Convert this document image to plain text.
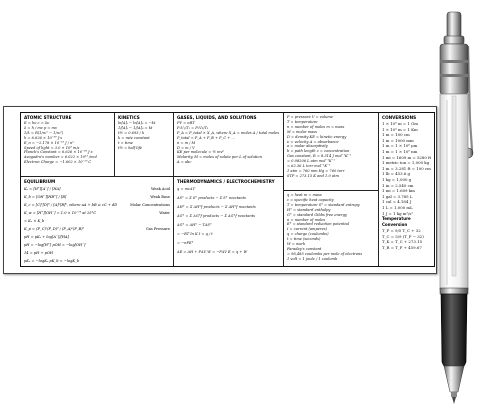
ATOMIC STRUCTURE
E = hν c = λν
λ = h / mv p = mv
1/λ = R(1/n₁² − 1/n₂²)
h = 6.626 × 10⁻³⁴ J·s
E_n = −2.178 × 10⁻¹⁸ J / n²
Speed of light = 3.0 × 10⁸ m/s
Planck's Constant = 6.626 × 10⁻³⁴ J·s
Avogadro's number = 6.022 × 10²³ /mol
Electron Charge = −1.602 × 10⁻¹⁹ C
KINETICS
ln[A]ₜ − ln[A]₀ = −kt
1/[A]ₜ − 1/[A]₀ = kt
t½ = 0.693 / k
k = rate constant
t = time
t½ = half life
GASES, LIQUIDS, AND SOLUTIONS
PV = nRT
P₁V₁/T₁ = P₂V₂/T₂
P_A = P_total × X_A, where X_A = moles A / total moles
P_total = P_A + P_B + P_C + ...
n = m / M
D = m / V
KE per molecule = ½ mv²
Molarity, M = moles of solute per L of solution
A = abc
P = pressure V = volume
T = temperature
n = number of moles m = mass
M = molar mass
D = density KE = kinetic energy
ν = velocity A = absorbance
a = molar absorptivity
b = path length c = concentration
Gas constant, R = 8.314 J mol⁻¹K⁻¹
= 0.08206 L atm mol⁻¹K⁻¹
= 62.36 L torr mol⁻¹K⁻¹
1 atm = 760 mm Hg = 760 torr
STP = 273.15 K and 1.0 atm
CONVERSIONS
1 × 10⁶ m = 1 Gm
1 × 10³ m = 1 Km
1 m = 100 cm
1 m = 1000 mm
1 m = 1 × 10⁶ μm
1 m = 1 × 10⁹ nm
1 mi = 1609 m = 5280 ft
1 metric ton = 1,000 kg
1 m = 3.281 ft = 100 cm
1 lb = 453.6 g
1 kg = 1,000 g
1 in = 2.540 cm
1 mi = 1.609 km
1 gal = 3.785 L
1 cal = 4.184 J
1 L = 1,000 mL
1 J = 1 kg m²/s²
Temperature Conversion
T_F = 9/5 T_C + 32
T_C = 5/9 (T_F − 32)
T_K = T_C + 273.15
T_R = T_F + 459.67
EQUILIBRIUM
Kₐ = [H⁺][A⁻] / [HA]	Weak Acid
K_b = [OH⁻][HB⁺] / [B]	Weak Base
K_c = [C]ᶜ[D]ᵈ / [A]ᵃ[B]ᵇ, where aA + bB ⇌ cC + dD	Molar Concentrations
K_w = [H⁺][OH⁻] = 1.0 × 10⁻¹⁴ at 25°C	Water
= Kₐ × K_b
K_p = (P_C)ᶜ(P_D)ᵈ / (P_A)ᵃ(P_B)ᵇ	Gas Pressure
pH = pKₐ + log[A⁻]/[HA]
pH = −log[H⁺] pOH = −log[OH⁻]
14 = pH + pOH
pKₐ = −logKₐ pK_b = −logK_b
THERMODYNAMICS / ELECTROCHEMISTRY
q = mcΔT
ΔS° = Σ S° products − Σ S° reactants
ΔH° = Σ ΔH°f products − Σ ΔH°f reactants
ΔG° = Σ ΔG°f products − Σ ΔG°f reactants
ΔG° = ΔH° − TΔS°
= −RT ln K I = q / t
= −nFE°
ΔE = ΔH + PΔV W = −PΔV E = q + W
q = heat m = mass
c = specific heat capacity
T = temperature S° = standard entropy
H° = standard enthalpy
G° = standard Gibbs free energy
n = number of moles
E° = standard reduction potential
I = current (amperes)
q = charge (coulombs)
t = time (seconds)
W = work
Faraday's constant
= 96,485 coulombs per mole of electrons
1 volt = 1 joule / 1 coulomb
